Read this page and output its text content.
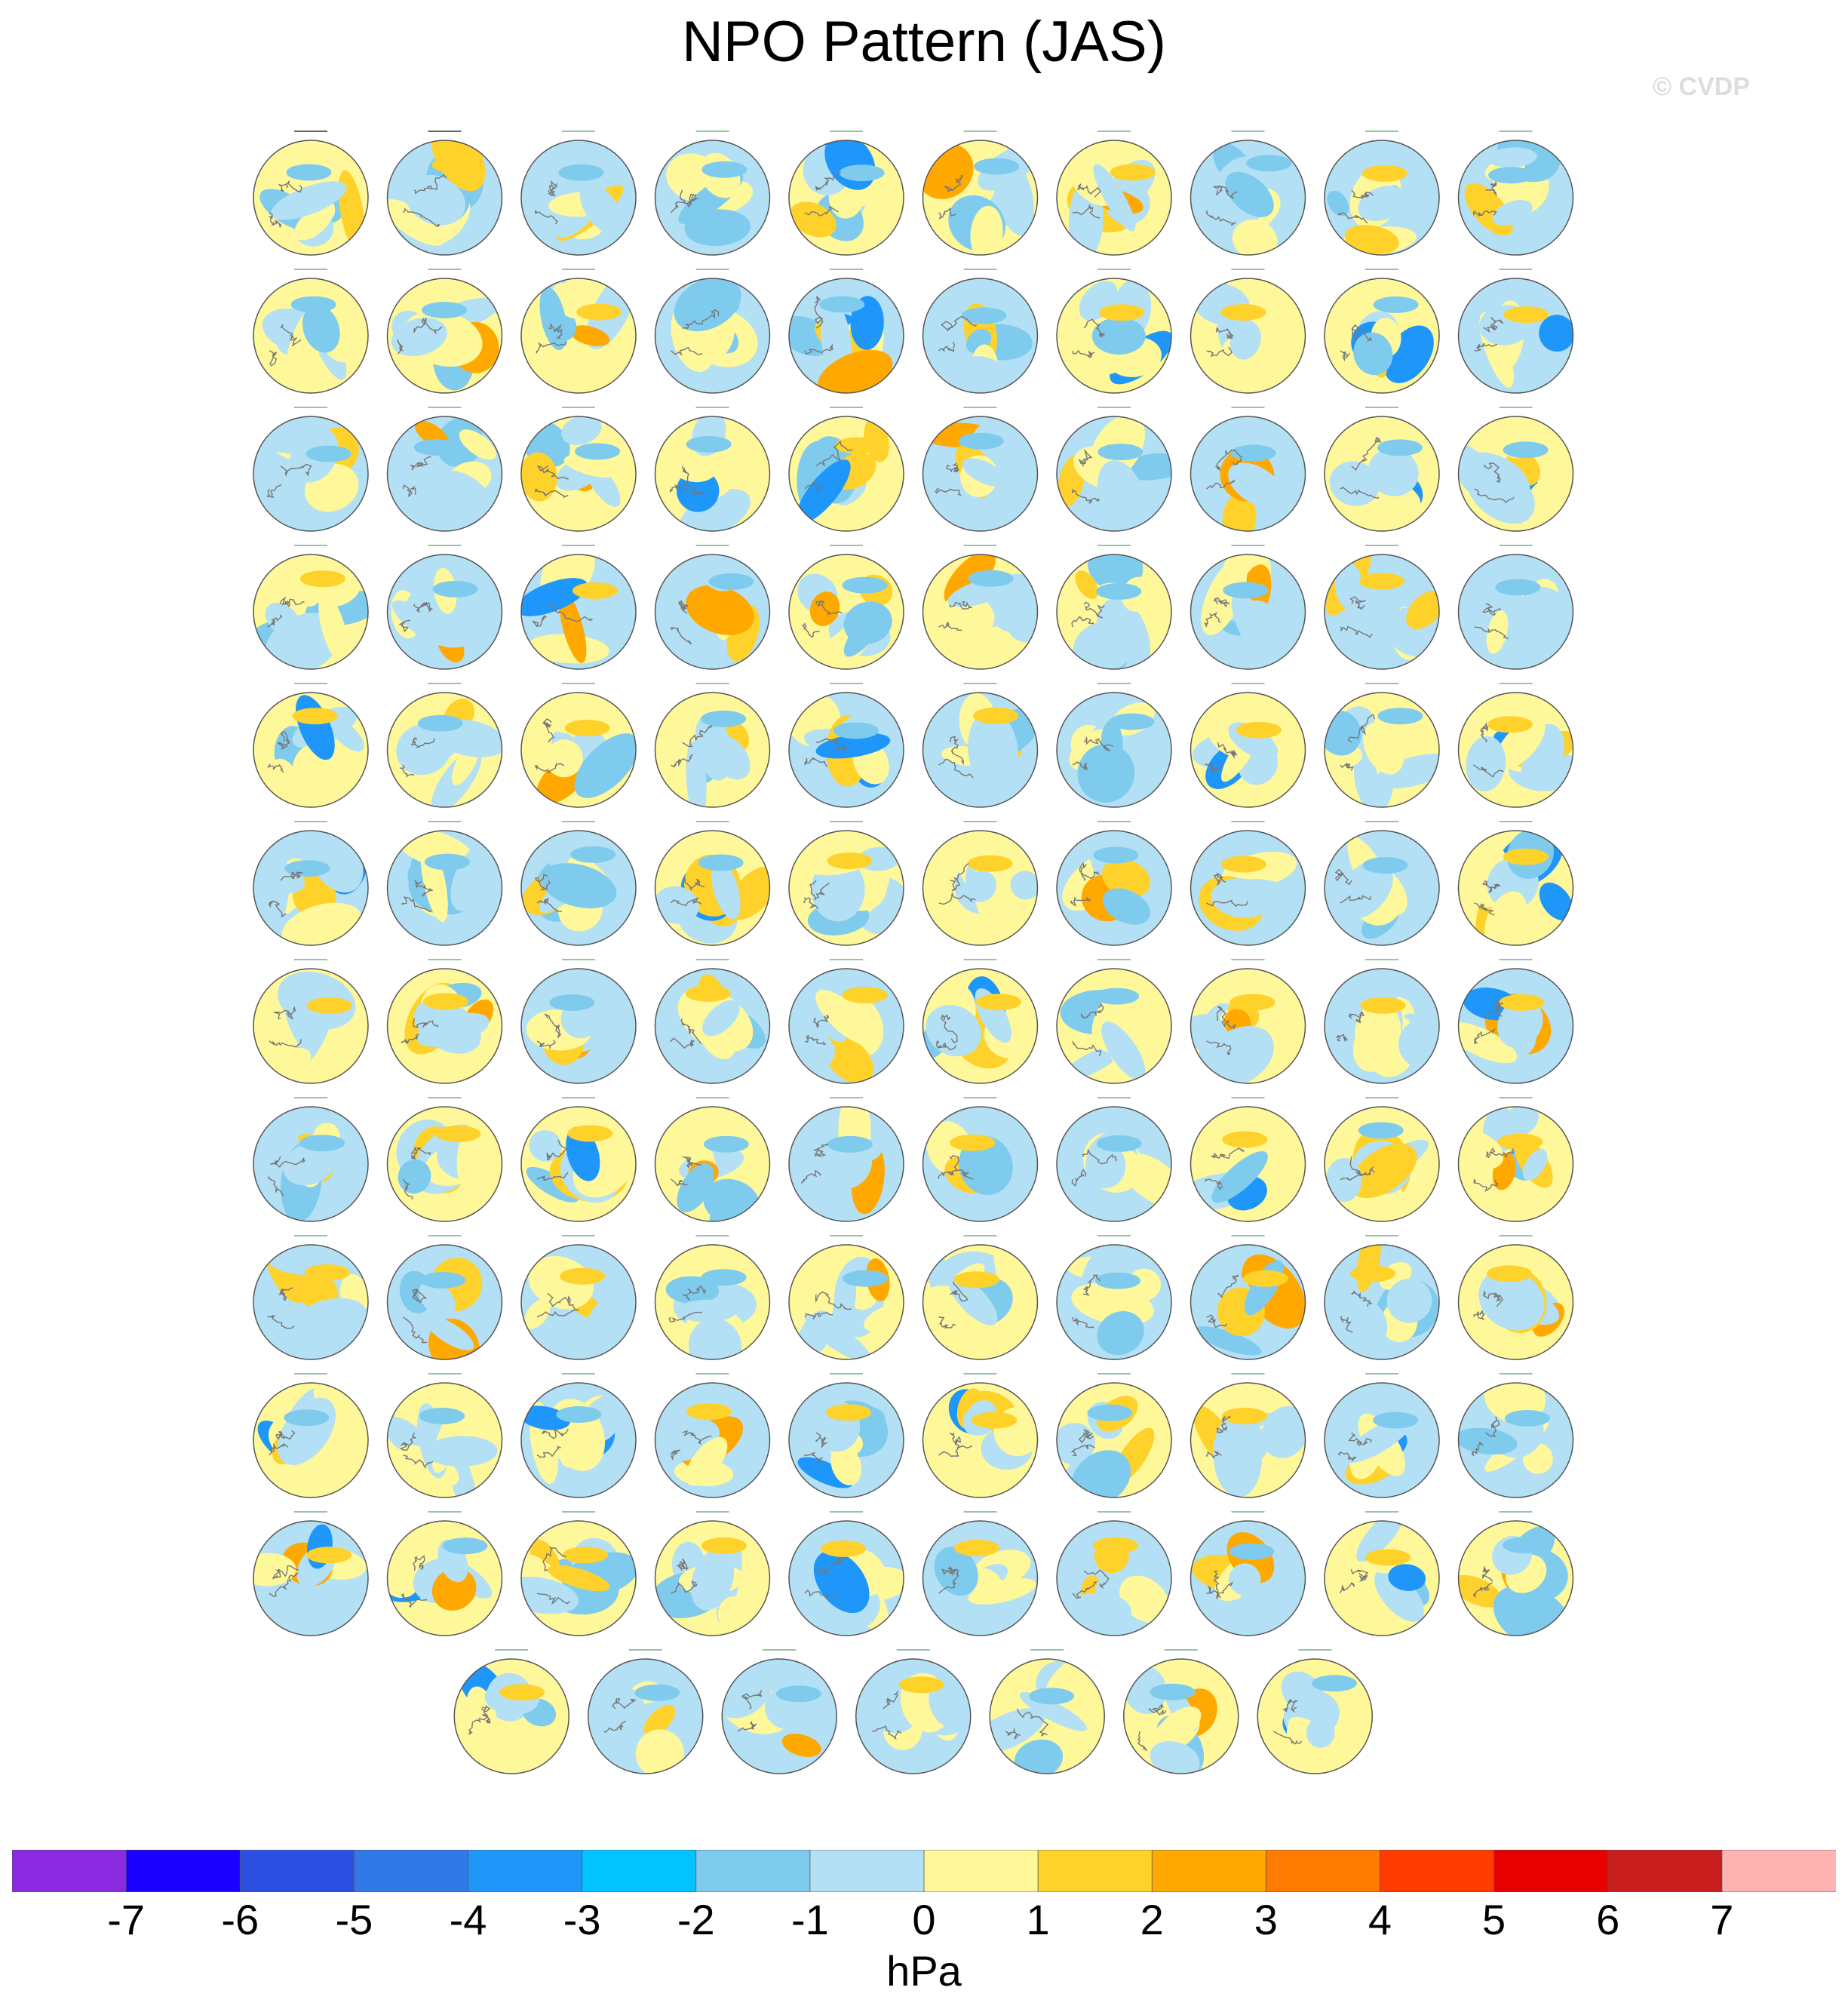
NPO Pattern (JAS)
© CVDP
-7 -6 -5 -4 -3 -2 -1 0 1 2 3 4 5 6 7
hPa
